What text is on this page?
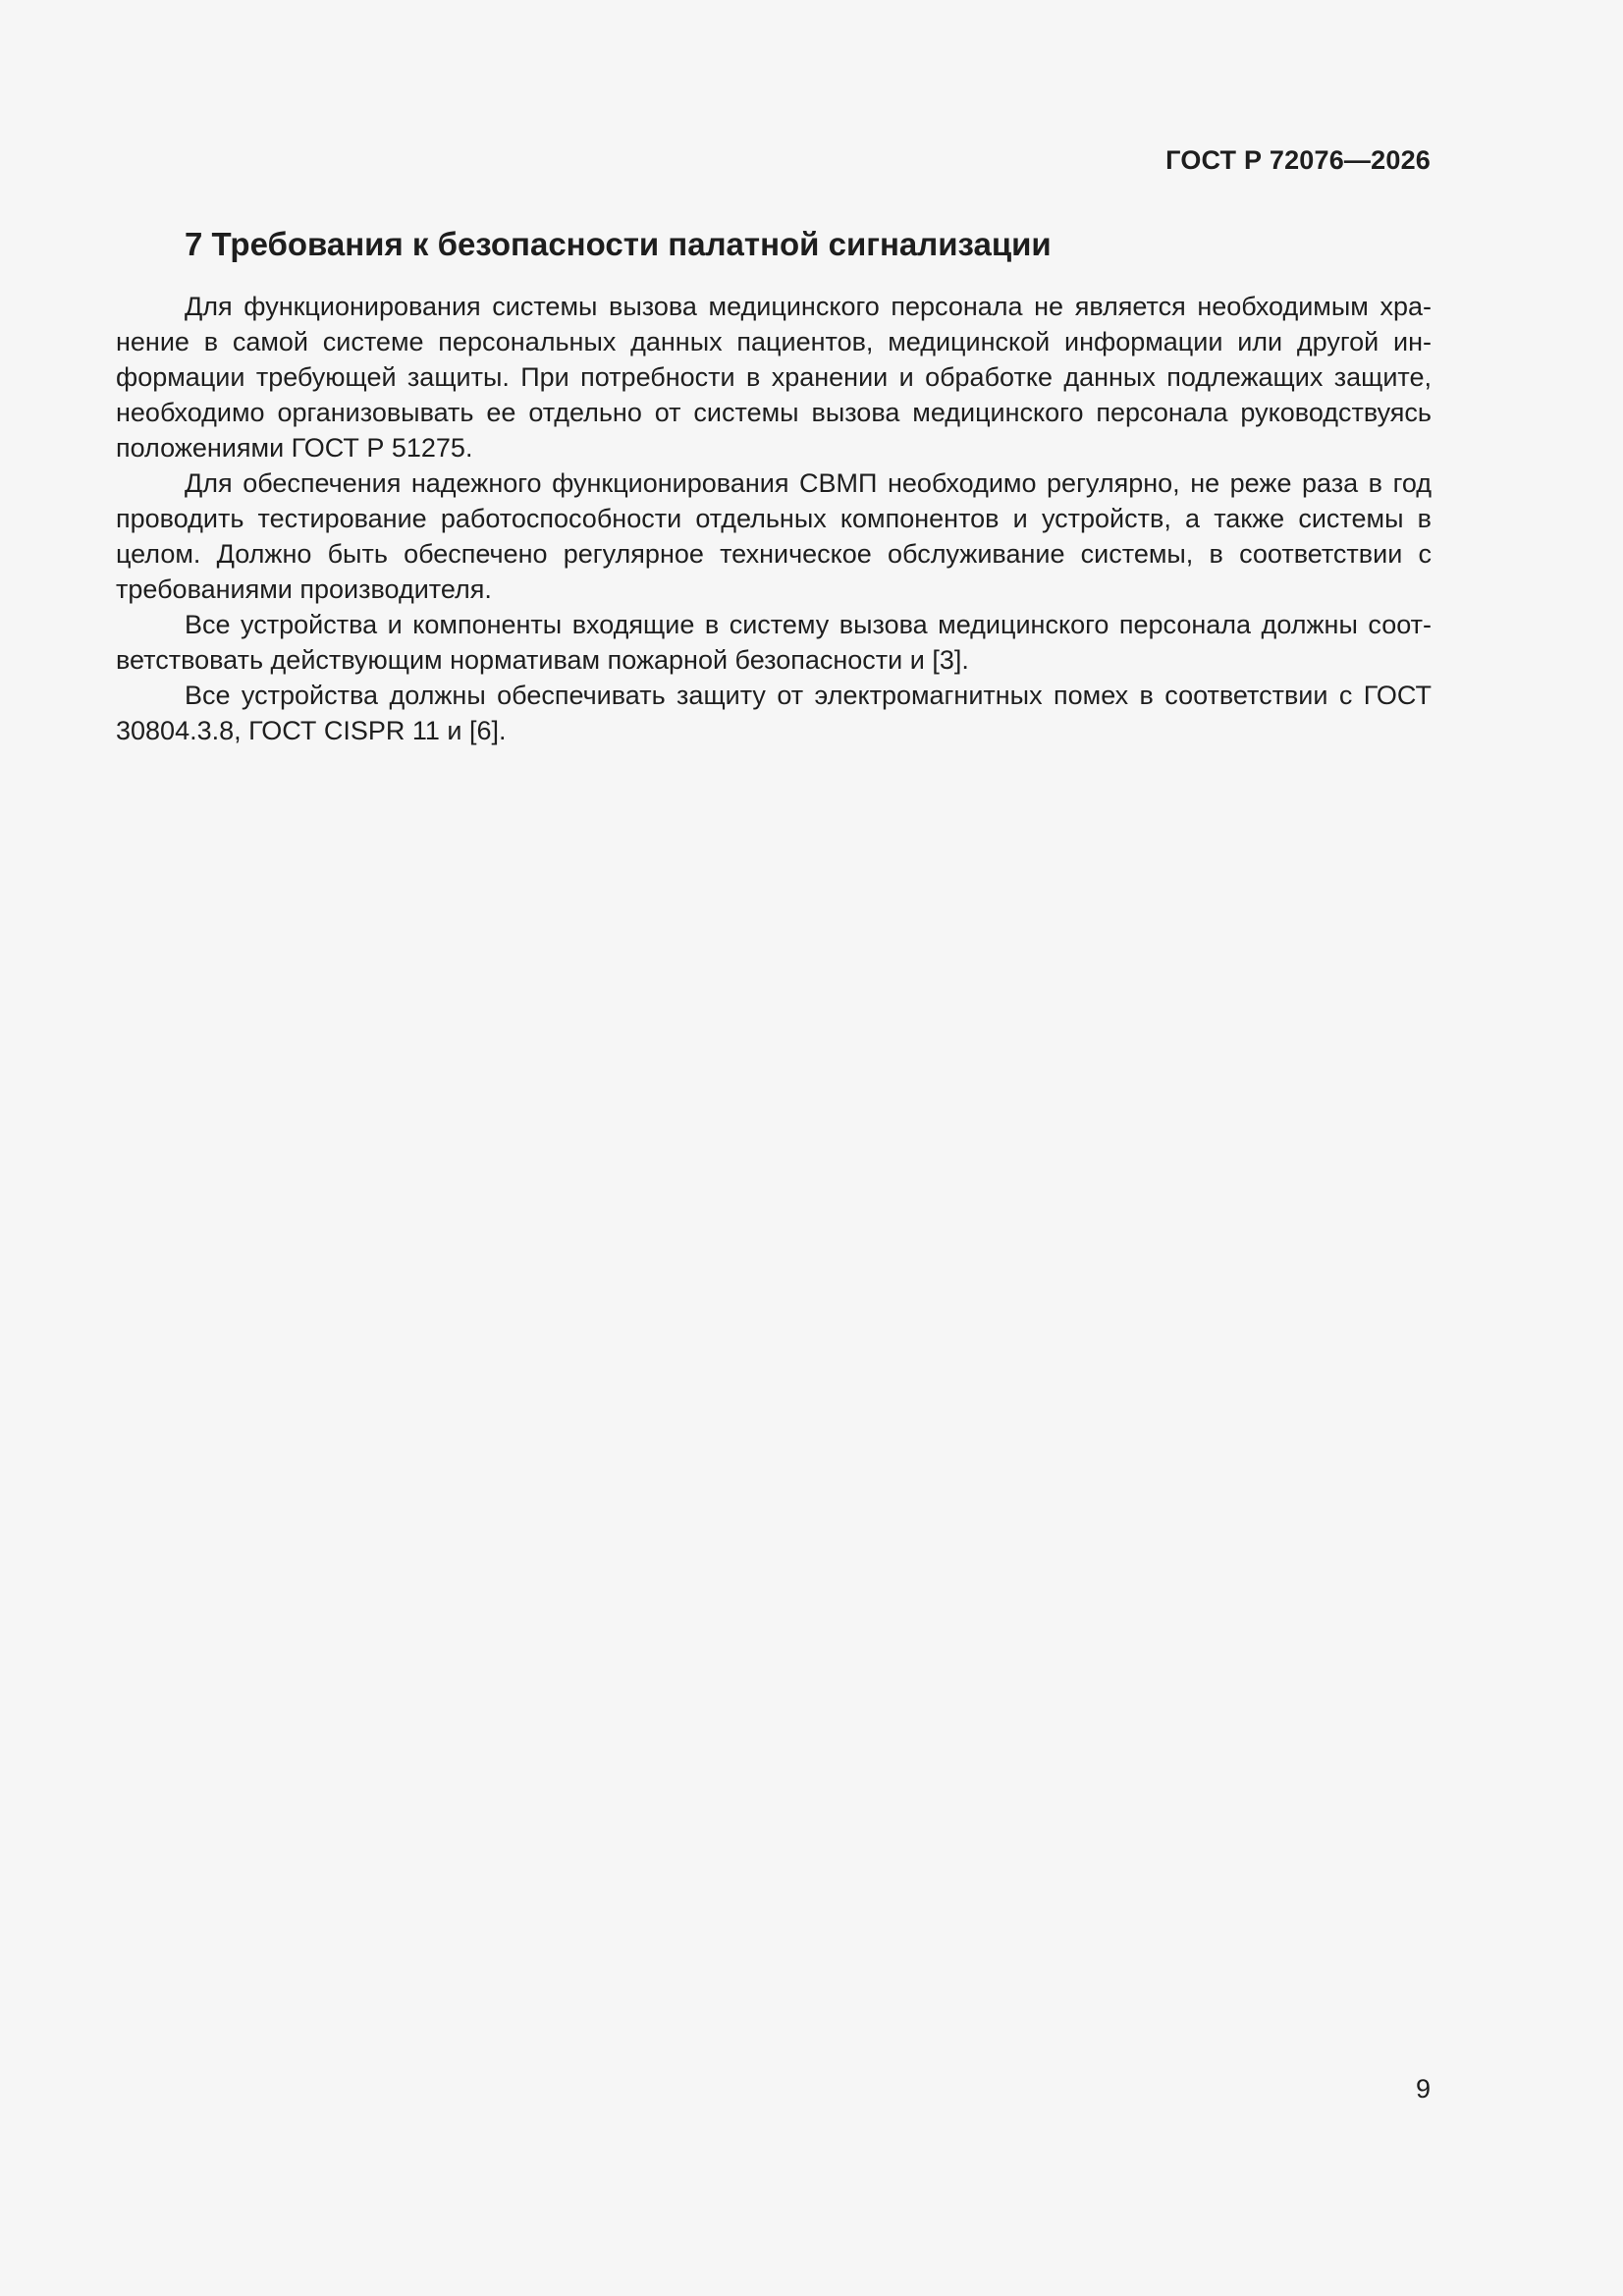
ГОСТ Р 72076—2026
7 Требования к безопасности палатной сигнализации

Для функционирования системы вызова медицинского персонала не является необходимым хранение в самой системе персональных данных пациентов, медицинской информации или другой информации требующей защиты. При потребности в хранении и обработке данных подлежащих защите, необходимо организовывать ее отдельно от системы вызова медицинского персонала руководствуясь положениями ГОСТ Р 51275.

Для обеспечения надежного функционирования СВМП необходимо регулярно, не реже раза в год проводить тестирование работоспособности отдельных компонентов и устройств, а также системы в целом. Должно быть обеспечено регулярное техническое обслуживание системы, в соответствии с требованиями производителя.

Все устройства и компоненты входящие в систему вызова медицинского персонала должны соответствовать действующим нормативам пожарной безопасности и [3].

Все устройства должны обеспечивать защиту от электромагнитных помех в соответствии с ГОСТ 30804.3.8, ГОСТ CISPR 11 и [6].

9
